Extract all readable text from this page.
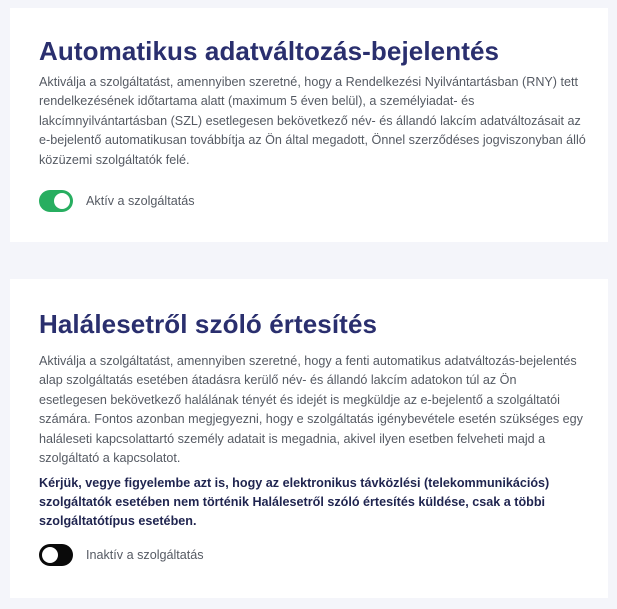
Automatikus adatváltozás-bejelentés

Aktiválja a szolgáltatást, amennyiben szeretné, hogy a Rendelkezési Nyilvántartásban (RNY) tett rendelkezésének időtartama alatt (maximum 5 éven belül), a személyiadat- és lakcímnyilvántartásban (SZL) esetlegesen bekövetkező név- és állandó lakcím adatváltozásait az e-bejelentő automatikusan továbbítja az Ön által megadott, Önnel szerződéses jogviszonyban álló közüzemi szolgáltatók felé.

Aktív a szolgáltatás
Halálesetről szóló értesítés

Aktiválja a szolgáltatást, amennyiben szeretné, hogy a fenti automatikus adatváltozás-bejelentés alap szolgáltatás esetében átadásra kerülő név- és állandó lakcím adatokon túl az Ön esetlegesen bekövetkező halálának tényét és idejét is megküldje az e-bejelentő a szolgáltatói számára. Fontos azonban megjegyezni, hogy e szolgáltatás igénybevétele esetén szükséges egy haláleseti kapcsolattartó személy adatait is megadnia, akivel ilyen esetben felveheti majd a szolgáltató a kapcsolatot.

Kérjük, vegye figyelembe azt is, hogy az elektronikus távközlési (telekommunikációs) szolgáltatók esetében nem történik Halálesetről szóló értesítés küldése, csak a többi szolgáltatótípus esetében.

Inaktív a szolgáltatás
